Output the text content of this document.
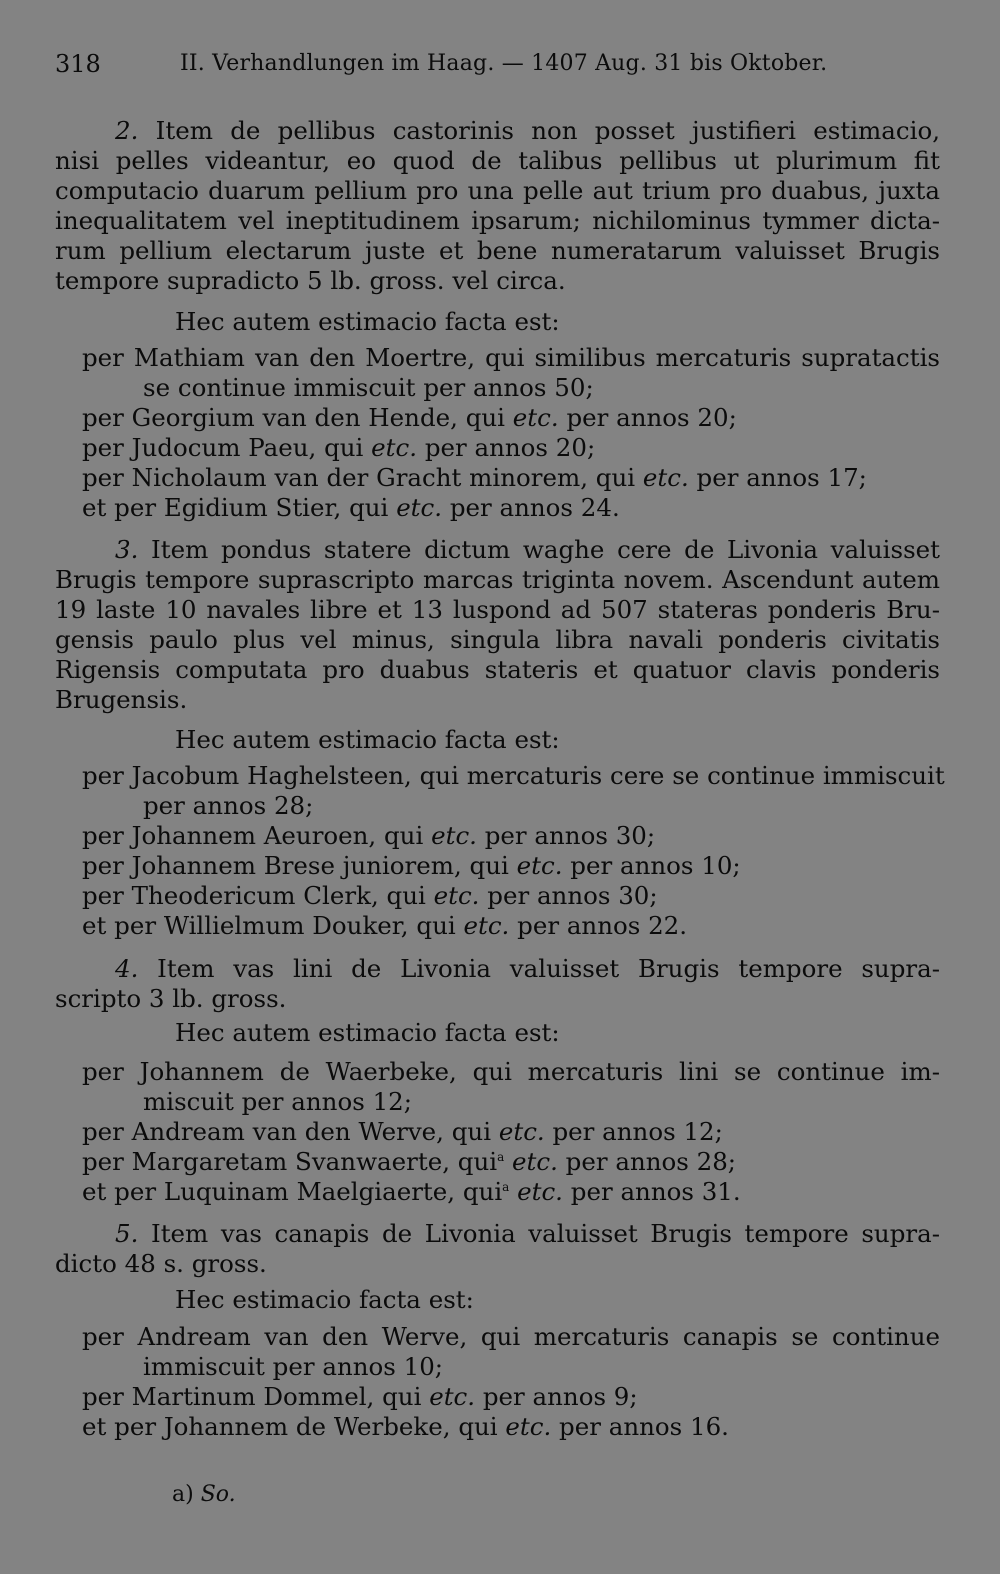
318	II. Verhandlungen im Haag. — 1407 Aug. 31 bis Oktober.
2. Item de pellibus castorinis non posset justifieri estimacio,
nisi pelles videantur, eo quod de talibus pellibus ut plurimum fit
computacio duarum pellium pro una pelle aut trium pro duabus, juxta
inequalitatem vel ineptitudinem ipsarum; nichilominus tymmer dicta-
rum pellium electarum juste et bene numeratarum valuisset Brugis
tempore supradicto 5 lb. gross. vel circa.
Hec autem estimacio facta est:
per Mathiam van den Moertre, qui similibus mercaturis supratactis
se continue immiscuit per annos 50;
per Georgium van den Hende, qui etc. per annos 20;
per Judocum Paeu, qui etc. per annos 20;
per Nicholaum van der Gracht minorem, qui etc. per annos 17;
et per Egidium Stier, qui etc. per annos 24.
3. Item pondus statere dictum waghe cere de Livonia valuisset
Brugis tempore suprascripto marcas triginta novem. Ascendunt autem
19 laste 10 navales libre et 13 luspond ad 507 stateras ponderis Bru-
gensis paulo plus vel minus, singula libra navali ponderis civitatis
Rigensis computata pro duabus stateris et quatuor clavis ponderis
Brugensis.
Hec autem estimacio facta est:
per Jacobum Haghelsteen, qui mercaturis cere se continue immiscuit
per annos 28;
per Johannem Aeuroen, qui etc. per annos 30;
per Johannem Brese juniorem, qui etc. per annos 10;
per Theodericum Clerk, qui etc. per annos 30;
et per Willielmum Douker, qui etc. per annos 22.
4. Item vas lini de Livonia valuisset Brugis tempore supra-
scripto 3 lb. gross.
Hec autem estimacio facta est:
per Johannem de Waerbeke, qui mercaturis lini se continue im-
miscuit per annos 12;
per Andream van den Werve, qui etc. per annos 12;
per Margaretam Svanwaerte, qui$^a$ etc. per annos 28;
et per Luquinam Maelgiaerte, qui$^a$ etc. per annos 31.
5. Item vas canapis de Livonia valuisset Brugis tempore supra-
dicto 48 s. gross.
Hec estimacio facta est:
per Andream van den Werve, qui mercaturis canapis se continue
immiscuit per annos 10;
per Martinum Dommel, qui etc. per annos 9;
et per Johannem de Werbeke, qui etc. per annos 16.
a) So.
